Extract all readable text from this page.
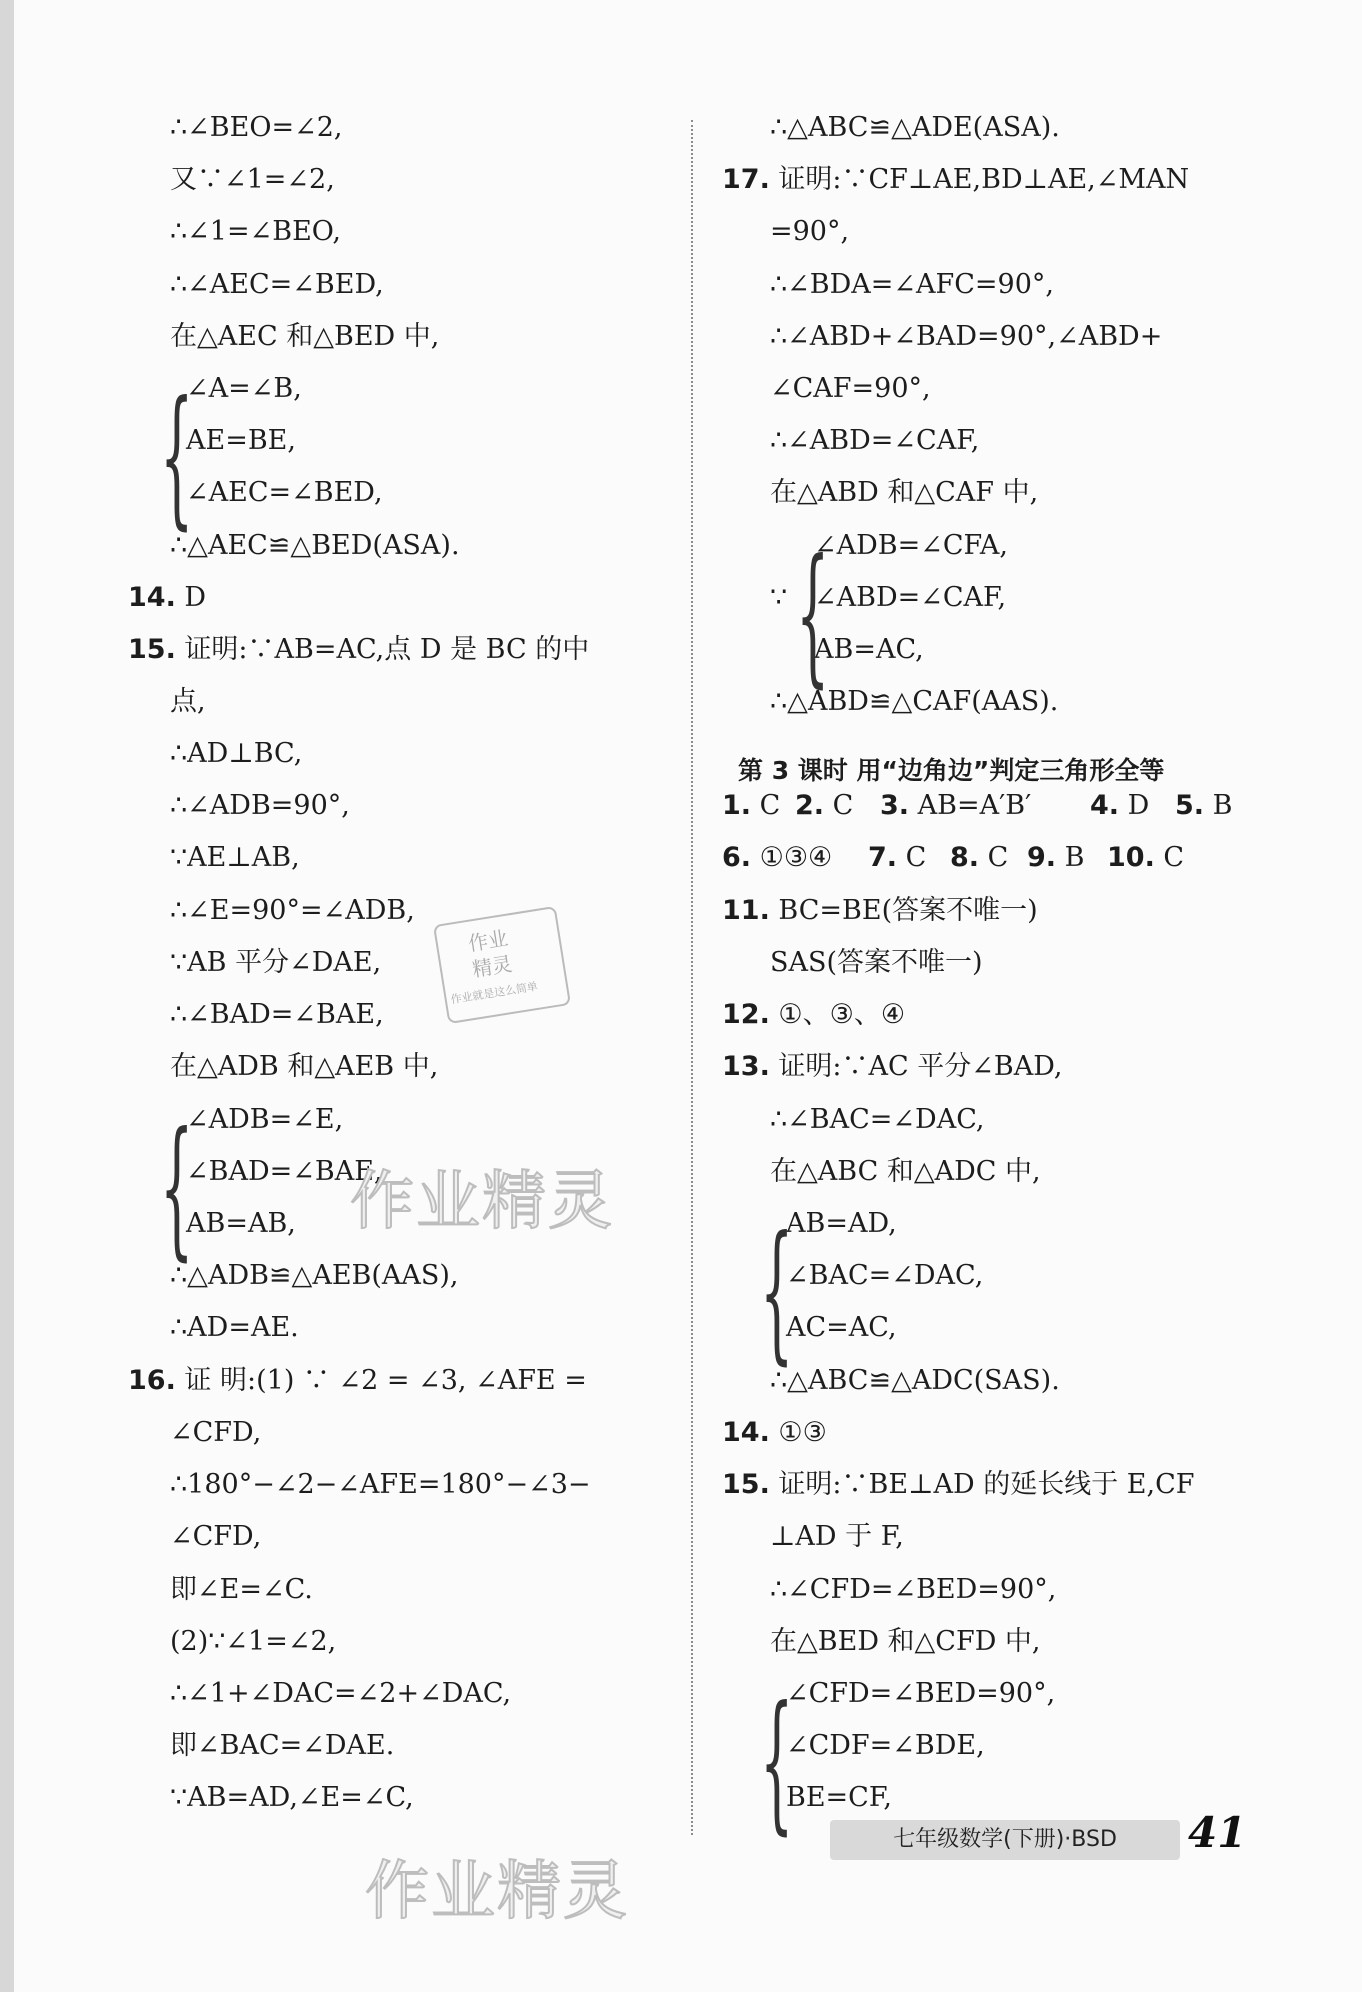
∴∠BEO=∠2,
又∵∠1=∠2,
∴∠1=∠BEO,
∴∠AEC=∠BED,
在△AEC 和△BED 中,
∠A=∠B,
AE=BE,
∠AEC=∠BED,
∴△AEC≌△BED(ASA).
14. D
15. 证明:∵AB=AC,点 D 是 BC 的中
点,
∴AD⊥BC,
∴∠ADB=90°,
∵AE⊥AB,
∴∠E=90°=∠ADB,
∵AB 平分∠DAE,
∴∠BAD=∠BAE,
在△ADB 和△AEB 中,
∠ADB=∠E,
∠BAD=∠BAE,
AB=AB,
∴△ADB≌△AEB(AAS),
∴AD=AE.
16. 证 明:(1) ∵ ∠2 = ∠3, ∠AFE =
∠CFD,
∴180°−∠2−∠AFE=180°−∠3−
∠CFD,
即∠E=∠C.
(2)∵∠1=∠2,
∴∠1+∠DAC=∠2+∠DAC,
即∠BAC=∠DAE.
∵AB=AD,∠E=∠C,
∴△ABC≌△ADE(ASA).
17. 证明:∵CF⊥AE,BD⊥AE,∠MAN
=90°,
∴∠BDA=∠AFC=90°,
∴∠ABD+∠BAD=90°,∠ABD+
∠CAF=90°,
∴∠ABD=∠CAF,
在△ABD 和△CAF 中,
∠ADB=∠CFA,
∵ ∠ABD=∠CAF,
AB=AC,
∴△ABD≌△CAF(AAS).
1. C 2. C 3. AB=A′B′ 4. D 5. B
6. ①③④ 7. C 8. C 9. B 10. C
11. BC=BE(答案不唯一)
SAS(答案不唯一)
12. ①、③、④
13. 证明:∵AC 平分∠BAD,
∴∠BAC=∠DAC,
在△ABC 和△ADC 中,
AB=AD,
∠BAC=∠DAC,
AC=AC,
∴△ABC≌△ADC(SAS).
14. ①③
15. 证明:∵BE⊥AD 的延长线于 E,CF
⊥AD 于 F,
∴∠CFD=∠BED=90°,
在△BED 和△CFD 中,
∠CFD=∠BED=90°,
∠CDF=∠BDE,
BE=CF,
{
{
{
{
{
第 3 课时 用“边角边”判定三角形全等
作业
精灵
作业就是这么简单
作业精灵
作业精灵
七年级数学(下册)·BSD	41
